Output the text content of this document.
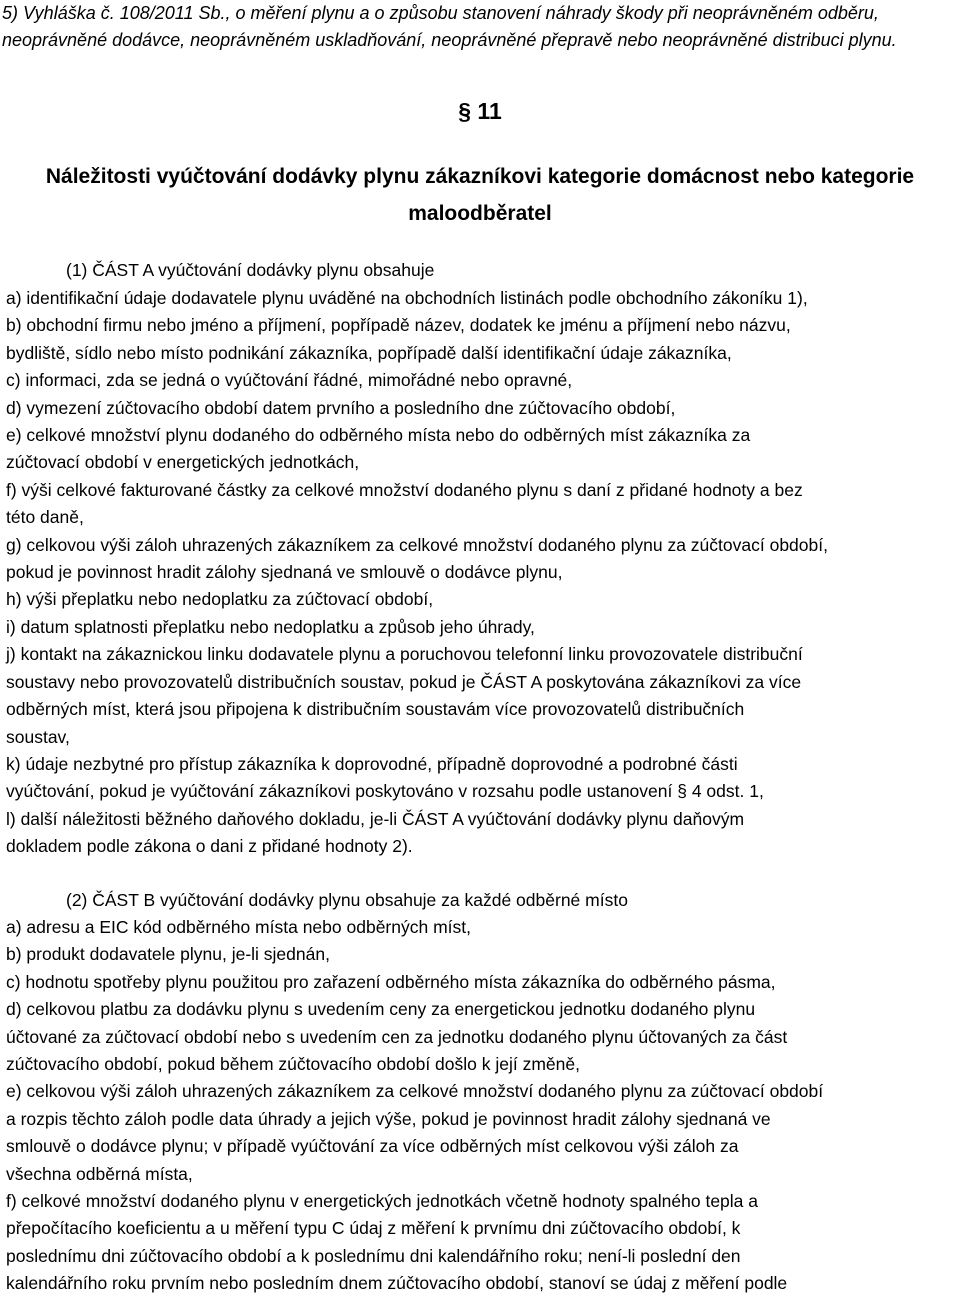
5) Vyhláška č. 108/2011 Sb., o měření plynu a o způsobu stanovení náhrady škody při neoprávněném odběru,
neoprávněné dodávce, neoprávněném uskladňování, neoprávněné přepravě nebo neoprávněné distribuci plynu.
§ 11
Náležitosti vyúčtování dodávky plynu zákazníkovi kategorie domácnost nebo kategorie
maloodběratel
(1) ČÁST A vyúčtování dodávky plynu obsahuje
a) identifikační údaje dodavatele plynu uváděné na obchodních listinách podle obchodního zákoníku 1),
b) obchodní firmu nebo jméno a příjmení, popřípadě název, dodatek ke jménu a příjmení nebo názvu,
bydliště, sídlo nebo místo podnikání zákazníka, popřípadě další identifikační údaje zákazníka,
c) informaci, zda se jedná o vyúčtování řádné, mimořádné nebo opravné,
d) vymezení zúčtovacího období datem prvního a posledního dne zúčtovacího období,
e) celkové množství plynu dodaného do odběrného místa nebo do odběrných míst zákazníka za
zúčtovací období v energetických jednotkách,
f) výši celkové fakturované částky za celkové množství dodaného plynu s daní z přidané hodnoty a bez
této daně,
g) celkovou výši záloh uhrazených zákazníkem za celkové množství dodaného plynu za zúčtovací období,
pokud je povinnost hradit zálohy sjednaná ve smlouvě o dodávce plynu,
h) výši přeplatku nebo nedoplatku za zúčtovací období,
i) datum splatnosti přeplatku nebo nedoplatku a způsob jeho úhrady,
j) kontakt na zákaznickou linku dodavatele plynu a poruchovou telefonní linku provozovatele distribuční
soustavy nebo provozovatelů distribučních soustav, pokud je ČÁST A poskytována zákazníkovi za více
odběrných míst, která jsou připojena k distribučním soustavám více provozovatelů distribučních
soustav,
k) údaje nezbytné pro přístup zákazníka k doprovodné, případně doprovodné a podrobné části
vyúčtování, pokud je vyúčtování zákazníkovi poskytováno v rozsahu podle ustanovení § 4 odst. 1,
l) další náležitosti běžného daňového dokladu, je-li ČÁST A vyúčtování dodávky plynu daňovým
dokladem podle zákona o dani z přidané hodnoty 2).
(2) ČÁST B vyúčtování dodávky plynu obsahuje za každé odběrné místo
a) adresu a EIC kód odběrného místa nebo odběrných míst,
b) produkt dodavatele plynu, je-li sjednán,
c) hodnotu spotřeby plynu použitou pro zařazení odběrného místa zákazníka do odběrného pásma,
d) celkovou platbu za dodávku plynu s uvedením ceny za energetickou jednotku dodaného plynu
účtované za zúčtovací období nebo s uvedením cen za jednotku dodaného plynu účtovaných za část
zúčtovacího období, pokud během zúčtovacího období došlo k její změně,
e) celkovou výši záloh uhrazených zákazníkem za celkové množství dodaného plynu za zúčtovací období
a rozpis těchto záloh podle data úhrady a jejich výše, pokud je povinnost hradit zálohy sjednaná ve
smlouvě o dodávce plynu; v případě vyúčtování za více odběrných míst celkovou výši záloh za
všechna odběrná místa,
f) celkové množství dodaného plynu v energetických jednotkách včetně hodnoty spalného tepla a
přepočítacího koeficientu a u měření typu C údaj z měření k prvnímu dni zúčtovacího období, k
poslednímu dni zúčtovacího období a k poslednímu dni kalendářního roku; není-li poslední den
kalendářního roku prvním nebo posledním dnem zúčtovacího období, stanoví se údaj z měření podle
